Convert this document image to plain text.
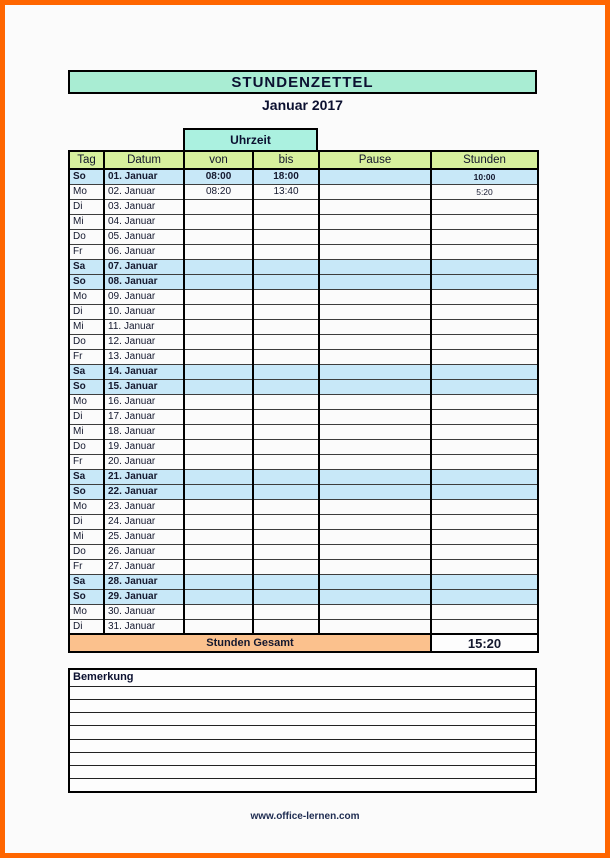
STUNDENZETTEL
Januar 2017
Uhrzeit
Tag	Datum	von	bis	Pause	Stunden
So	01. Januar	08:00	18:00		10:00
Mo	02. Januar	08:20	13:40		5:20
Di	03. Januar				
Mi	04. Januar				
Do	05. Januar				
Fr	06. Januar				
Sa	07. Januar				
So	08. Januar				
Mo	09. Januar				
Di	10. Januar				
Mi	11. Januar				
Do	12. Januar				
Fr	13. Januar				
Sa	14. Januar				
So	15. Januar				
Mo	16. Januar				
Di	17. Januar				
Mi	18. Januar				
Do	19. Januar				
Fr	20. Januar				
Sa	21. Januar				
So	22. Januar				
Mo	23. Januar				
Di	24. Januar				
Mi	25. Januar				
Do	26. Januar				
Fr	27. Januar				
Sa	28. Januar				
So	29. Januar				
Mo	30. Januar				
Di	31. Januar				
Stunden Gesamt					15:20
Bemerkung
www.office-lernen.com
